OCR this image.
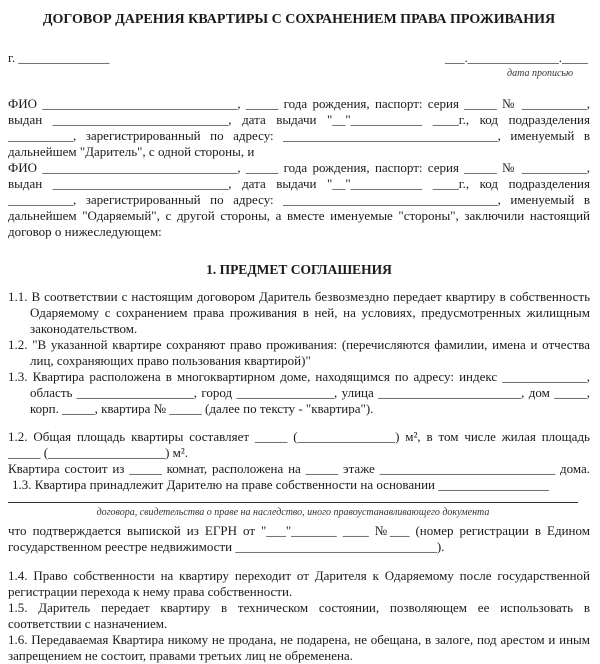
ДОГОВОР ДАРЕНИЯ КВАРТИРЫ С СОХРАНЕНИЕМ ПРАВА ПРОЖИВАНИЯ
г. ______________	___.______________.____
дата прописью
ФИО ______________________________, _____ года рождения, паспорт: серия _____ № __________,
выдан ___________________________, дата выдачи "__"___________ ____г., код подразделения
__________, зарегистрированный по адресу: _________________________________, именуемый в
дальнейшем "Даритель", с одной стороны, и
ФИО ______________________________, _____ года рождения, паспорт: серия _____ № __________,
выдан ___________________________, дата выдачи "__"___________ ____г., код подразделения
__________, зарегистрированный по адресу: _________________________________, именуемый в
дальнейшем "Одаряемый", с другой стороны, а вместе именуемые "стороны", заключили настоящий
договор о нижеследующем:
1. ПРЕДМЕТ СОГЛАШЕНИЯ
1.1. В соответствии с настоящим договором Даритель безвозмездно передает квартиру в собственность
Одаряемому с сохранением права проживания в ней, на условиях, предусмотренных жилищным
законодательством.
1.2. "В указанной квартире сохраняют право проживания: (перечисляются фамилии, имена и отчества
лиц, сохраняющих право пользования квартирой)"
1.3. Квартира расположена в многоквартирном доме, находящимся по адресу: индекс _____________,
область __________________, город _______________, улица ______________________, дом _____,
корп. _____, квартира № _____ (далее по тексту - "квартира").
1.2. Общая площадь квартиры составляет _____ (_______________) м², в том числе жилая площадь
_____ (__________________) м².
Квартира состоит из _____ комнат, расположена на _____ этаже ___________________________ дома.
1.3. Квартира принадлежит Дарителю на праве собственности на основании _________________
договора, свидетельства о праве на наследство, иного правоустанавливающего документа
что подтверждается выпиской из ЕГРН от "___"_______ ____ №___ (номер регистрации в Едином
государственном реестре недвижимости _______________________________).
1.4. Право собственности на квартиру переходит от Дарителя к Одаряемому после государственной
регистрации перехода к нему права собственности.
1.5. Даритель передает квартиру в техническом состоянии, позволяющем ее использовать в
соответствии с назначением.
1.6. Передаваемая Квартира никому не продана, не подарена, не обещана, в залоге, под арестом и иным
запрещением не состоит, правами третьих лиц не обременена.
